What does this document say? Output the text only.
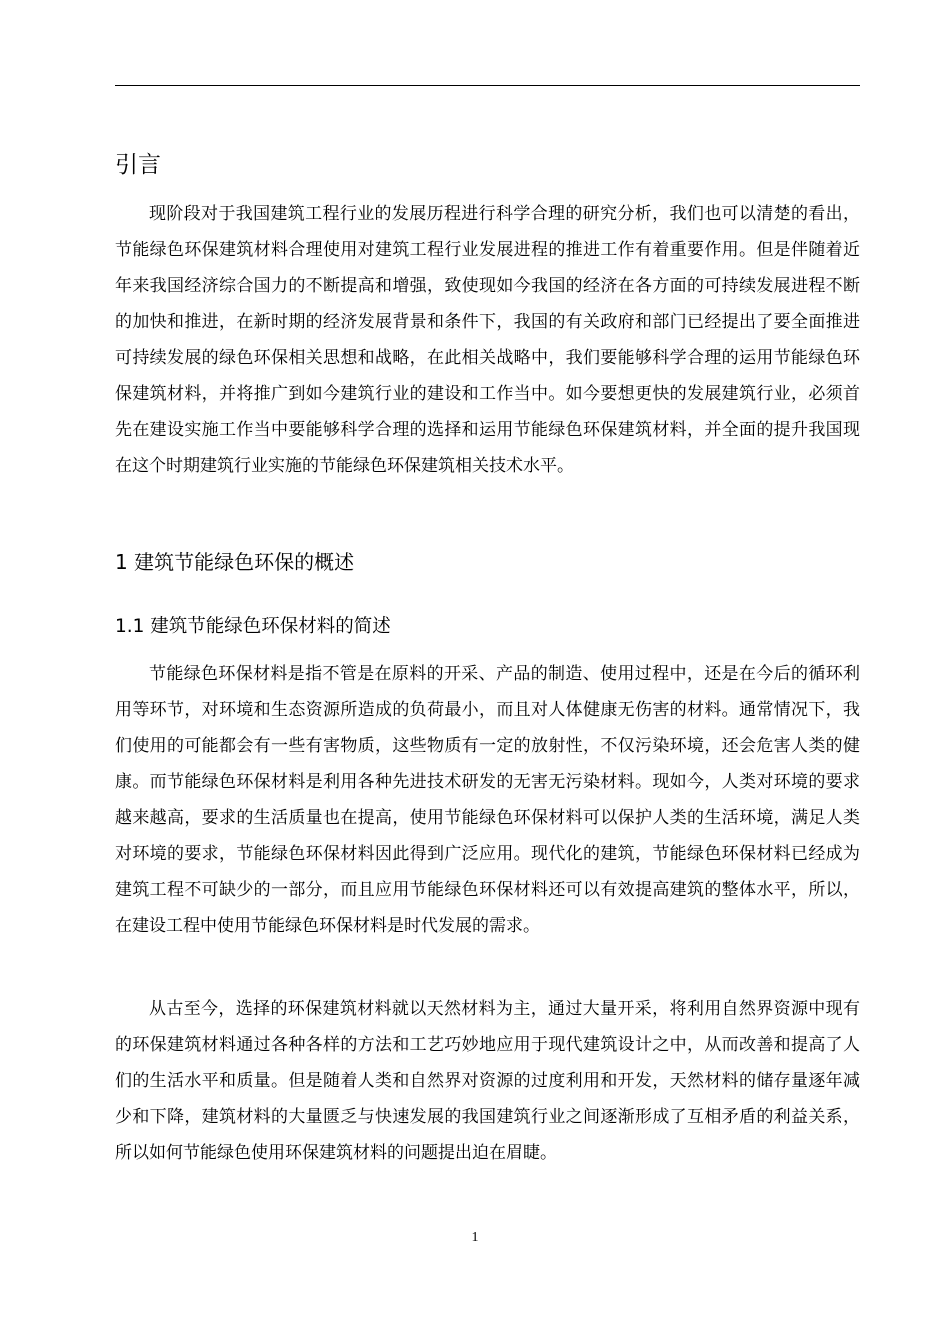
引言

现阶段对于我国建筑工程行业的发展历程进行科学合理的研究分析，我们也可以清楚的看出，节能绿色环保建筑材料合理使用对建筑工程行业发展进程的推进工作有着重要作用。但是伴随着近年来我国经济综合国力的不断提高和增强，致使现如今我国的经济在各方面的可持续发展进程不断的加快和推进，在新时期的经济发展背景和条件下，我国的有关政府和部门已经提出了要全面推进可持续发展的绿色环保相关思想和战略，在此相关战略中，我们要能够科学合理的运用节能绿色环保建筑材料，并将推广到如今建筑行业的建设和工作当中。如今要想更快的发展建筑行业，必须首先在建设实施工作当中要能够科学合理的选择和运用节能绿色环保建筑材料，并全面的提升我国现在这个时期建筑行业实施的节能绿色环保建筑相关技术水平。

1 建筑节能绿色环保的概述
1.1 建筑节能绿色环保材料的简述

节能绿色环保材料是指不管是在原料的开采、产品的制造、使用过程中，还是在今后的循环利用等环节，对环境和生态资源所造成的负荷最小，而且对人体健康无伤害的材料。通常情况下，我们使用的可能都会有一些有害物质，这些物质有一定的放射性，不仅污染环境，还会危害人类的健康。而节能绿色环保材料是利用各种先进技术研发的无害无污染材料。现如今，人类对环境的要求越来越高，要求的生活质量也在提高，使用节能绿色环保材料可以保护人类的生活环境，满足人类对环境的要求，节能绿色环保材料因此得到广泛应用。现代化的建筑，节能绿色环保材料已经成为建筑工程不可缺少的一部分，而且应用节能绿色环保材料还可以有效提高建筑的整体水平，所以，在建设工程中使用节能绿色环保材料是时代发展的需求。

从古至今，选择的环保建筑材料就以天然材料为主，通过大量开采，将利用自然界资源中现有的环保建筑材料通过各种各样的方法和工艺巧妙地应用于现代建筑设计之中，从而改善和提高了人们的生活水平和质量。但是随着人类和自然界对资源的过度利用和开发，天然材料的储存量逐年减少和下降，建筑材料的大量匮乏与快速发展的我国建筑行业之间逐渐形成了互相矛盾的利益关系，所以如何节能绿色使用环保建筑材料的问题提出迫在眉睫。

1
